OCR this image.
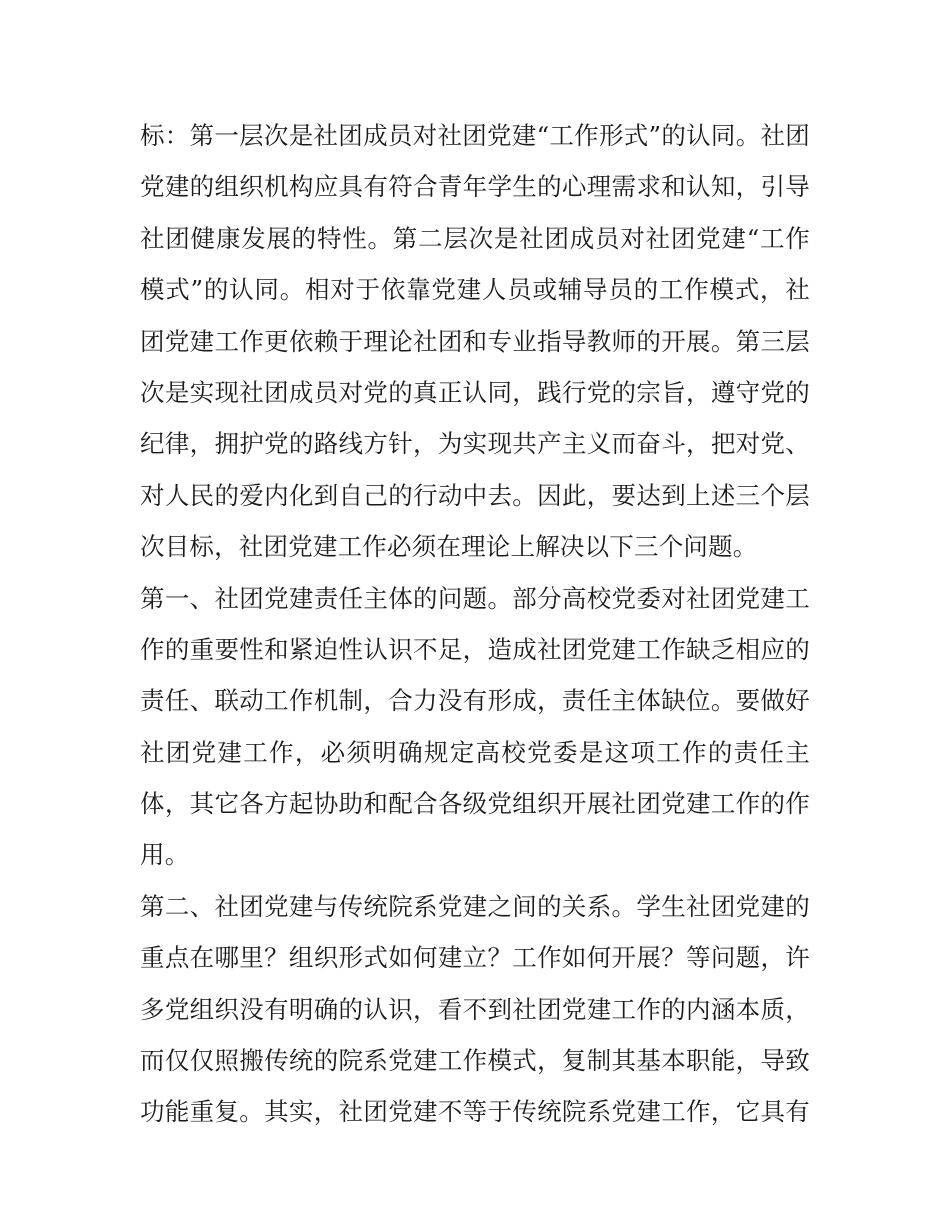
标：第一层次是社团成员对社团党建“工作形式”的认同。社团
党建的组织机构应具有符合青年学生的心理需求和认知，引导
社团健康发展的特性。第二层次是社团成员对社团党建“工作
模式”的认同。相对于依靠党建人员或辅导员的工作模式，社
团党建工作更依赖于理论社团和专业指导教师的开展。第三层
次是实现社团成员对党的真正认同，践行党的宗旨，遵守党的
纪律，拥护党的路线方针，为实现共产主义而奋斗，把对党、
对人民的爱内化到自己的行动中去。因此，要达到上述三个层
次目标，社团党建工作必须在理论上解决以下三个问题。
第一、社团党建责任主体的问题。部分高校党委对社团党建工
作的重要性和紧迫性认识不足，造成社团党建工作缺乏相应的
责任、联动工作机制，合力没有形成，责任主体缺位。要做好
社团党建工作，必须明确规定高校党委是这项工作的责任主
体，其它各方起协助和配合各级党组织开展社团党建工作的作
用。
第二、社团党建与传统院系党建之间的关系。学生社团党建的
重点在哪里？组织形式如何建立？工作如何开展？等问题，许
多党组织没有明确的认识，看不到社团党建工作的内涵本质，
而仅仅照搬传统的院系党建工作模式，复制其基本职能，导致
功能重复。其实，社团党建不等于传统院系党建工作，它具有
